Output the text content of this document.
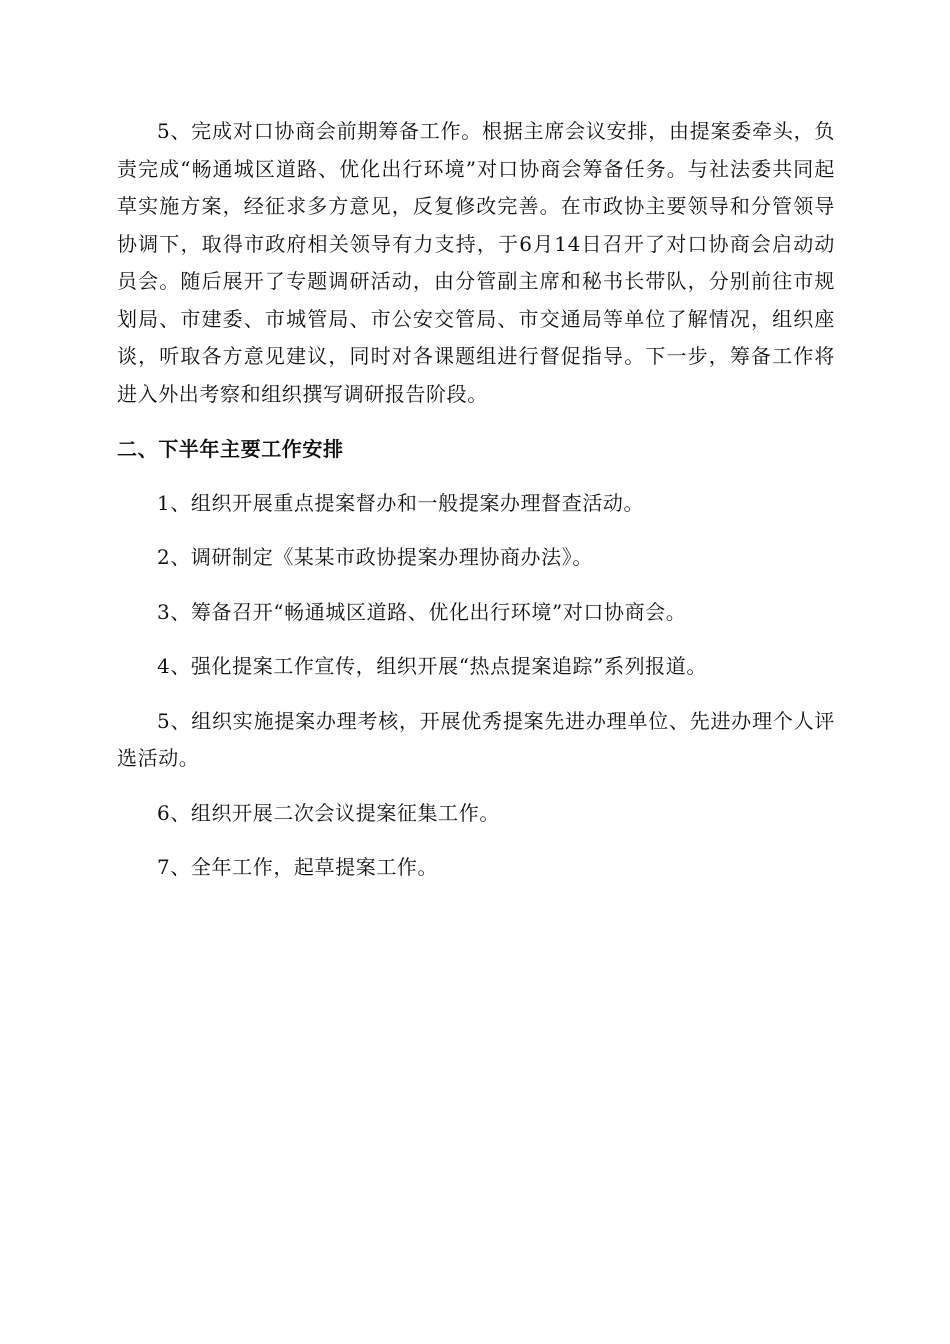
5、完成对口协商会前期筹备工作。根据主席会议安排，由提案委牵头，负责完成“畅通城区道路、优化出行环境”对口协商会筹备任务。与社法委共同起草实施方案，经征求多方意见，反复修改完善。在市政协主要领导和分管领导协调下，取得市政府相关领导有力支持，于6月14日召开了对口协商会启动动员会。随后展开了专题调研活动，由分管副主席和秘书长带队，分别前往市规划局、市建委、市城管局、市公安交管局、市交通局等单位了解情况，组织座谈，听取各方意见建议，同时对各课题组进行督促指导。下一步，筹备工作将进入外出考察和组织撰写调研报告阶段。

二、下半年主要工作安排

1、组织开展重点提案督办和一般提案办理督查活动。

2、调研制定《某某市政协提案办理协商办法》。

3、筹备召开“畅通城区道路、优化出行环境”对口协商会。

4、强化提案工作宣传，组织开展“热点提案追踪”系列报道。

5、组织实施提案办理考核，开展优秀提案先进办理单位、先进办理个人评选活动。

6、组织开展二次会议提案征集工作。

7、全年工作，起草提案工作。
